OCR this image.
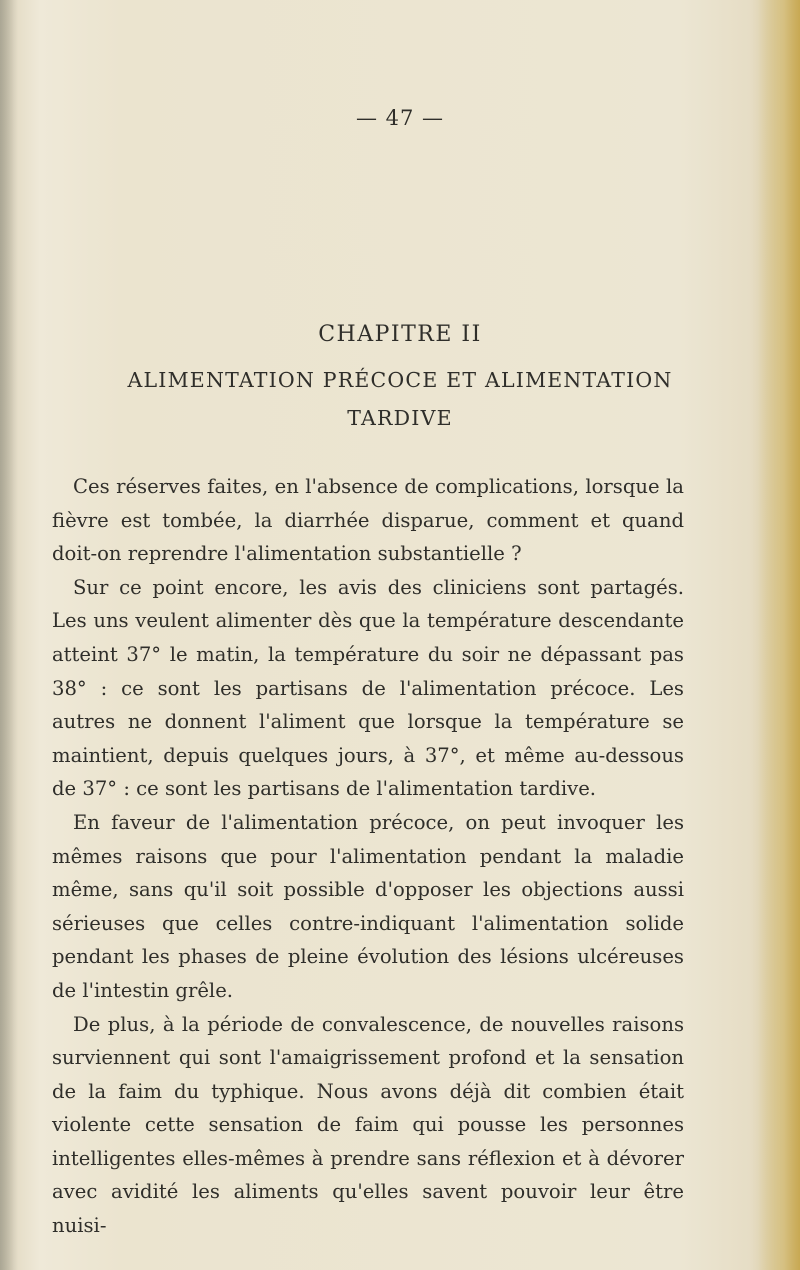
— 47 —
CHAPITRE II
ALIMENTATION PRÉCOCE ET ALIMENTATION
TARDIVE

Ces réserves faites, en l'absence de complications, lorsque la fièvre est tombée, la diarrhée disparue, comment et quand doit-on reprendre l'alimentation substantielle ?

Sur ce point encore, les avis des cliniciens sont partagés. Les uns veulent alimenter dès que la température descendante atteint 37° le matin, la température du soir ne dépassant pas 38° : ce sont les partisans de l'alimentation précoce. Les autres ne donnent l'aliment que lorsque la température se maintient, depuis quelques jours, à 37°, et même au-dessous de 37° : ce sont les partisans de l'alimentation tardive.

En faveur de l'alimentation précoce, on peut invoquer les mêmes raisons que pour l'alimentation pendant la maladie même, sans qu'il soit possible d'opposer les objections aussi sérieuses que celles contre-indiquant l'alimentation solide pendant les phases de pleine évolution des lésions ulcéreuses de l'intestin grêle.

De plus, à la période de convalescence, de nouvelles raisons surviennent qui sont l'amaigrissement profond et la sensation de la faim du typhique. Nous avons déjà dit combien était violente cette sensation de faim qui pousse les personnes intelligentes elles-mêmes à prendre sans réflexion et à dévorer avec avidité les aliments qu'elles savent pouvoir leur être nuisi-
